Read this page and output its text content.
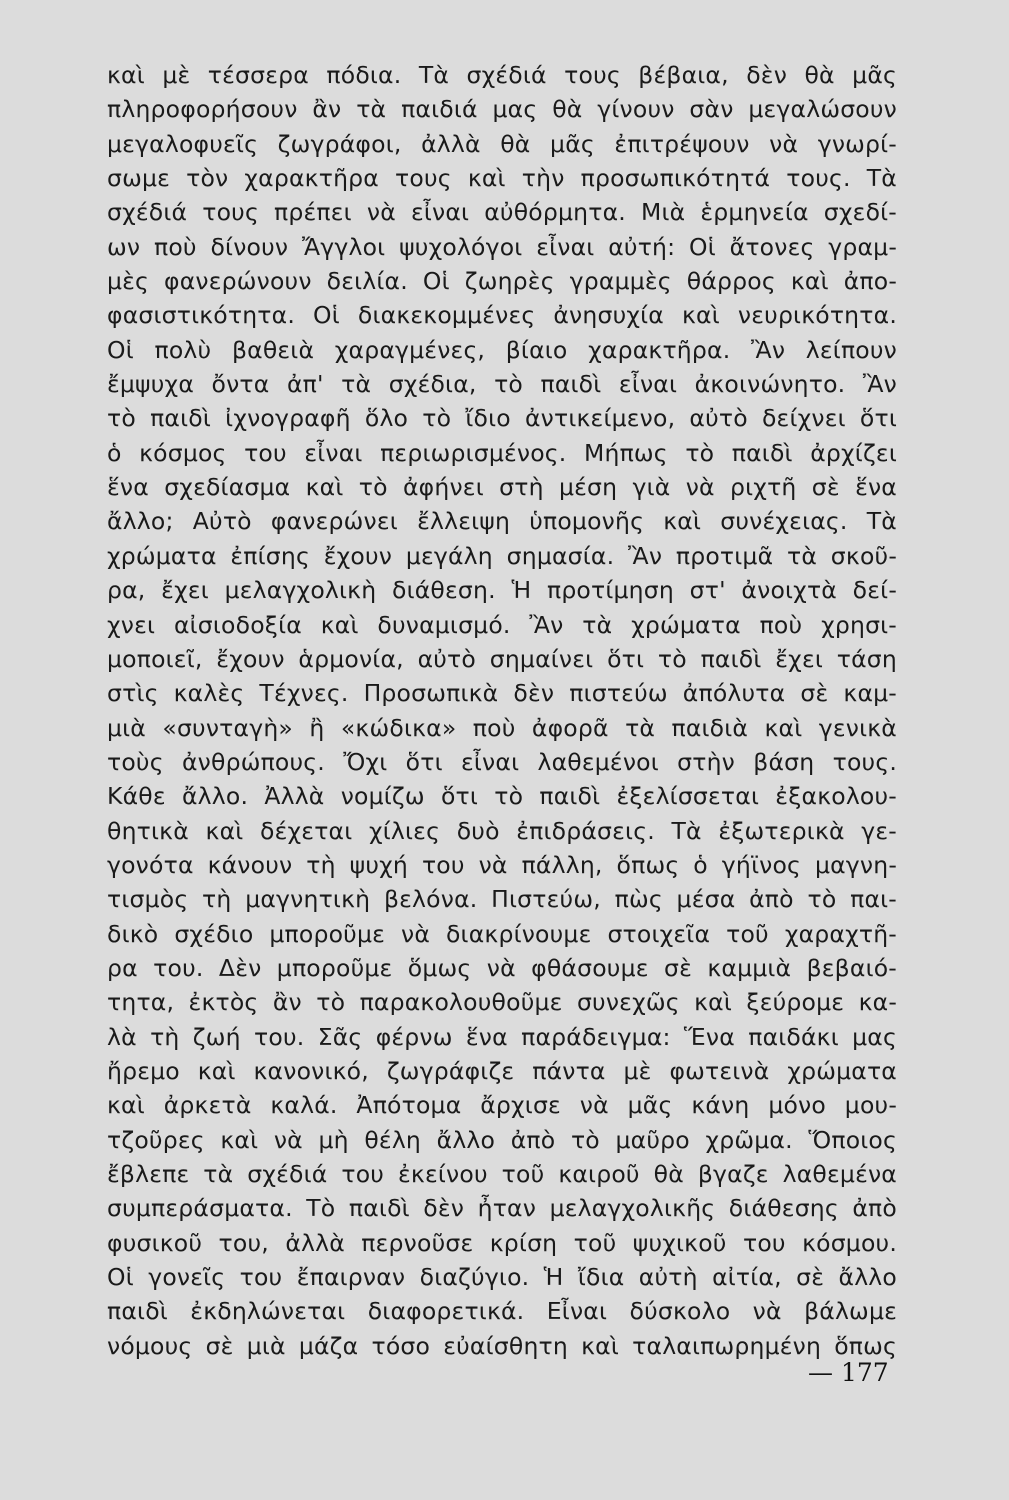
καὶ μὲ τέσσερα πόδια. Τὰ σχέδιά τους βέβαια, δὲν θὰ μᾶς
πληροφορήσουν ἂν τὰ παιδιά μας θὰ γίνουν σὰν μεγαλώσουν
μεγαλοφυεῖς ζωγράφοι, ἀλλὰ θὰ μᾶς ἐπιτρέψουν νὰ γνωρί-
σωμε τὸν χαρακτῆρα τους καὶ τὴν προσωπικότητά τους. Τὰ
σχέδιά τους πρέπει νὰ εἶναι αὐθόρμητα. Μιὰ ἑρμηνεία σχεδί-
ων ποὺ δίνουν Ἄγγλοι ψυχολόγοι εἶναι αὐτή: Οἱ ἄτονες γραμ-
μὲς φανερώνουν δειλία. Οἱ ζωηρὲς γραμμὲς θάρρος καὶ ἀπο-
φασιστικότητα. Οἱ διακεκομμένες ἀνησυχία καὶ νευρικότητα.
Οἱ πολὺ βαθειὰ χαραγμένες, βίαιο χαρακτῆρα. Ἂν λείπουν
ἔμψυχα ὄντα ἀπ' τὰ σχέδια, τὸ παιδὶ εἶναι ἀκοινώνητο. Ἂν
τὸ παιδὶ ἰχνογραφῆ ὅλο τὸ ἴδιο ἀντικείμενο, αὐτὸ δείχνει ὅτι
ὁ κόσμος του εἶναι περιωρισμένος. Μήπως τὸ παιδὶ ἀρχίζει
ἕνα σχεδίασμα καὶ τὸ ἀφήνει στὴ μέση γιὰ νὰ ριχτῆ σὲ ἕνα
ἄλλο; Αὐτὸ φανερώνει ἔλλειψη ὑπομονῆς καὶ συνέχειας. Τὰ
χρώματα ἐπίσης ἔχουν μεγάλη σημασία. Ἂν προτιμᾶ τὰ σκοῦ-
ρα, ἔχει μελαγχολικὴ διάθεση. Ἡ προτίμηση στ' ἀνοιχτὰ δεί-
χνει αἰσιοδοξία καὶ δυναμισμό. Ἂν τὰ χρώματα ποὺ χρησι-
μοποιεῖ, ἔχουν ἁρμονία, αὐτὸ σημαίνει ὅτι τὸ παιδὶ ἔχει τάση
στὶς καλὲς Τέχνες. Προσωπικὰ δὲν πιστεύω ἀπόλυτα σὲ καμ-
μιὰ «συνταγὴ» ἢ «κώδικα» ποὺ ἀφορᾶ τὰ παιδιὰ καὶ γενικὰ
τοὺς ἀνθρώπους. Ὄχι ὅτι εἶναι λαθεμένοι στὴν βάση τους.
Κάθε ἄλλο. Ἀλλὰ νομίζω ὅτι τὸ παιδὶ ἐξελίσσεται ἐξακολου-
θητικὰ καὶ δέχεται χίλιες δυὸ ἐπιδράσεις. Τὰ ἐξωτερικὰ γε-
γονότα κάνουν τὴ ψυχή του νὰ πάλλη, ὅπως ὁ γήϊνος μαγνη-
τισμὸς τὴ μαγνητικὴ βελόνα. Πιστεύω, πὼς μέσα ἀπὸ τὸ παι-
δικὸ σχέδιο μποροῦμε νὰ διακρίνουμε στοιχεῖα τοῦ χαραχτῆ-
ρα του. Δὲν μποροῦμε ὅμως νὰ φθάσουμε σὲ καμμιὰ βεβαιό-
τητα, ἐκτὸς ἂν τὸ παρακολουθοῦμε συνεχῶς καὶ ξεύρομε κα-
λὰ τὴ ζωή του. Σᾶς φέρνω ἕνα παράδειγμα: Ἕνα παιδάκι μας
ἤρεμο καὶ κανονικό, ζωγράφιζε πάντα μὲ φωτεινὰ χρώματα
καὶ ἀρκετὰ καλά. Ἀπότομα ἄρχισε νὰ μᾶς κάνη μόνο μου-
τζοῦρες καὶ νὰ μὴ θέλη ἄλλο ἀπὸ τὸ μαῦρο χρῶμα. Ὅποιος
ἔβλεπε τὰ σχέδιά του ἐκείνου τοῦ καιροῦ θὰ βγαζε λαθεμένα
συμπεράσματα. Τὸ παιδὶ δὲν ἦταν μελαγχολικῆς διάθεσης ἀπὸ
φυσικοῦ του, ἀλλὰ περνοῦσε κρίση τοῦ ψυχικοῦ του κόσμου.
Οἱ γονεῖς του ἔπαιρναν διαζύγιο. Ἡ ἴδια αὐτὴ αἰτία, σὲ ἄλλο
παιδὶ ἐκδηλώνεται διαφορετικά. Εἶναι δύσκολο νὰ βάλωμε
νόμους σὲ μιὰ μάζα τόσο εὐαίσθητη καὶ ταλαιπωρημένη ὅπως
— 177
